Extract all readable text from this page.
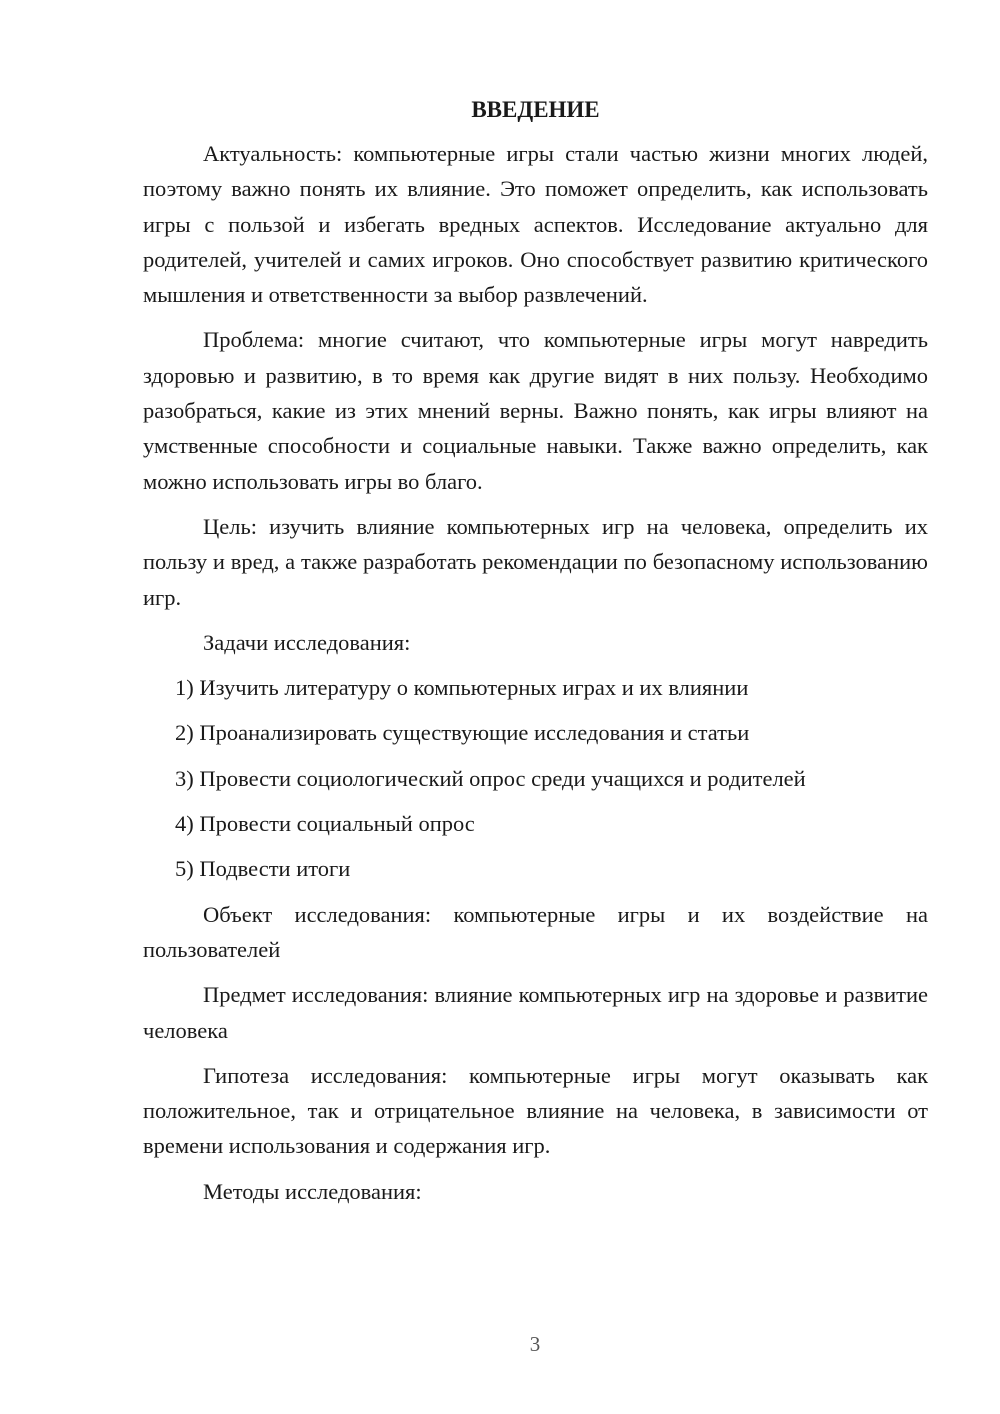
ВВЕДЕНИЕ

Актуальность: компьютерные игры стали частью жизни многих людей, поэтому важно понять их влияние. Это поможет определить, как использовать игры с пользой и избегать вредных аспектов. Исследование актуально для родителей, учителей и самих игроков. Оно способствует развитию критического мышления и ответственности за выбор развлечений.

Проблема: многие считают, что компьютерные игры могут навредить здоровью и развитию, в то время как другие видят в них пользу. Необходимо разобраться, какие из этих мнений верны. Важно понять, как игры влияют на умственные способности и социальные навыки. Также важно определить, как можно использовать игры во благо.

Цель: изучить влияние компьютерных игр на человека, определить их пользу и вред, а также разработать рекомендации по безопасному использованию игр.

Задачи исследования:

1) Изучить литературу о компьютерных играх и их влиянии
2) Проанализировать существующие исследования и статьи
3) Провести социологический опрос среди учащихся и родителей
4) Провести социальный опрос
5) Подвести итоги

Объект исследования: компьютерные игры и их воздействие на пользователей

Предмет исследования: влияние компьютерных игр на здоровье и развитие человека

Гипотеза исследования: компьютерные игры могут оказывать как положительное, так и отрицательное влияние на человека, в зависимости от времени использования и содержания игр.

Методы исследования:

3
